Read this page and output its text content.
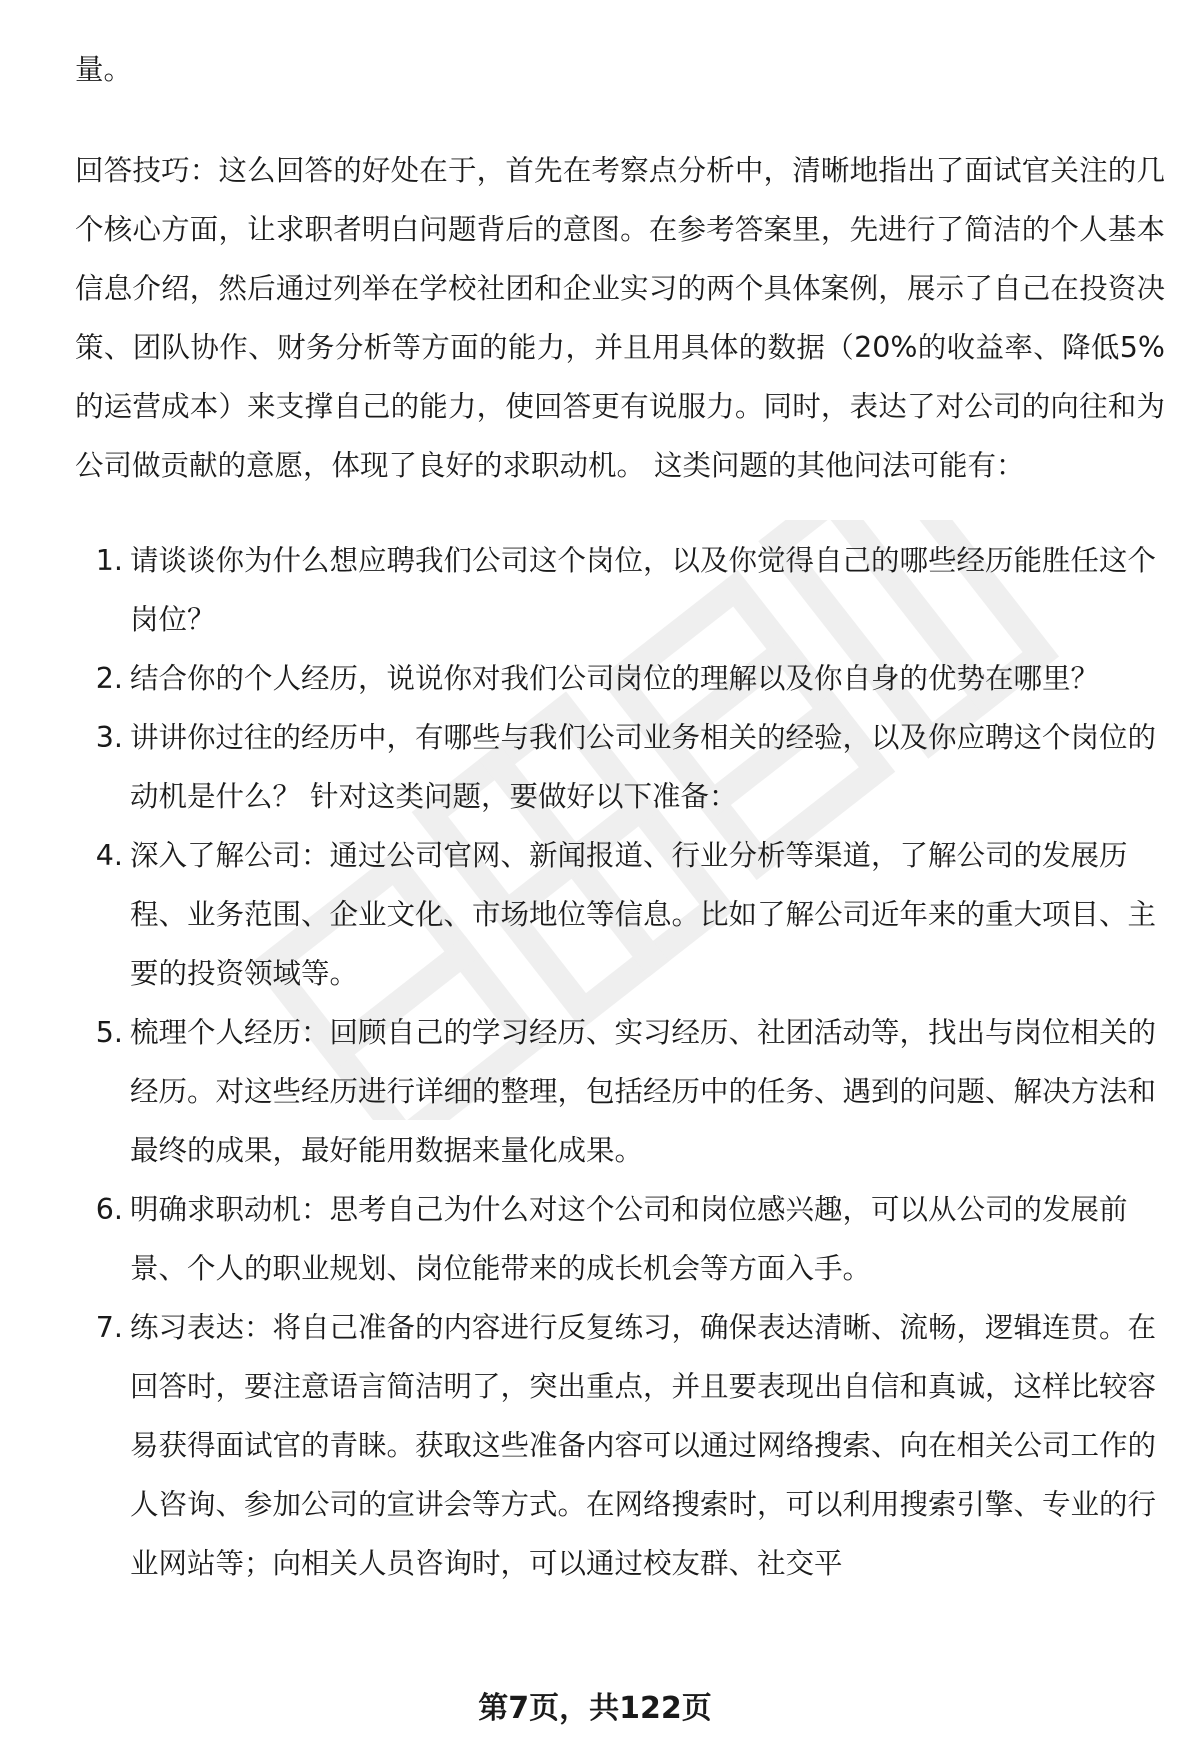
量。

回答技巧：这么回答的好处在于，首先在考察点分析中，清晰地指出了面试官关注的几个核心方面，让求职者明白问题背后的意图。在参考答案里，先进行了简洁的个人基本信息介绍，然后通过列举在学校社团和企业实习的两个具体案例，展示了自己在投资决策、团队协作、财务分析等方面的能力，并且用具体的数据（20%的收益率、降低5%的运营成本）来支撑自己的能力，使回答更有说服力。同时，表达了对公司的向往和为公司做贡献的意愿，体现了良好的求职动机。 这类问题的其他问法可能有：

1. 请谈谈你为什么想应聘我们公司这个岗位，以及你觉得自己的哪些经历能胜任这个岗位？
2. 结合你的个人经历，说说你对我们公司岗位的理解以及你自身的优势在哪里？
3. 讲讲你过往的经历中，有哪些与我们公司业务相关的经验，以及你应聘这个岗位的动机是什么？ 针对这类问题，要做好以下准备：
4. 深入了解公司：通过公司官网、新闻报道、行业分析等渠道，了解公司的发展历程、业务范围、企业文化、市场地位等信息。比如了解公司近年来的重大项目、主要的投资领域等。
5. 梳理个人经历：回顾自己的学习经历、实习经历、社团活动等，找出与岗位相关的经历。对这些经历进行详细的整理，包括经历中的任务、遇到的问题、解决方法和最终的成果，最好能用数据来量化成果。
6. 明确求职动机：思考自己为什么对这个公司和岗位感兴趣，可以从公司的发展前景、个人的职业规划、岗位能带来的成长机会等方面入手。
7. 练习表达：将自己准备的内容进行反复练习，确保表达清晰、流畅，逻辑连贯。在回答时，要注意语言简洁明了，突出重点，并且要表现出自信和真诚，这样比较容易获得面试官的青睐。获取这些准备内容可以通过网络搜索、向在相关公司工作的人咨询、参加公司的宣讲会等方式。在网络搜索时，可以利用搜索引擎、专业的行业网站等；向相关人员咨询时，可以通过校友群、社交平
第7页，共122页
